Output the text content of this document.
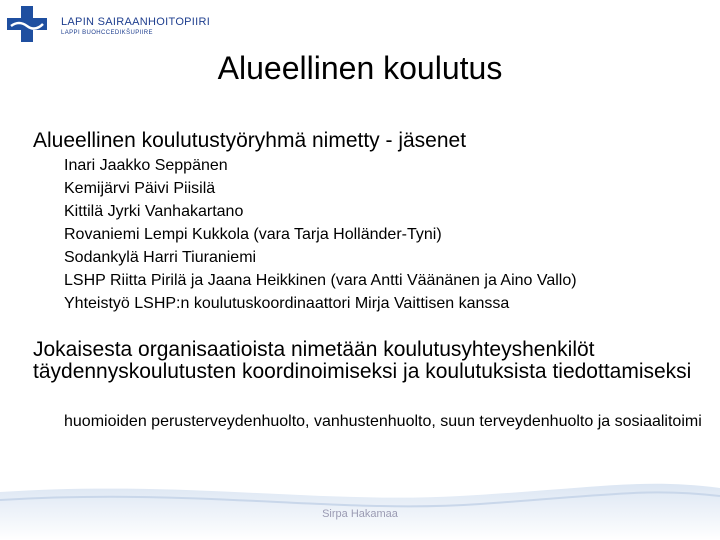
LAPIN SAIRAANHOITOPIIRI
LAPPI BUOHCCEDIKŠUPIIRE
Alueellinen koulutus
Alueellinen koulutustyöryhmä nimetty - jäsenet
Inari Jaakko Seppänen
Kemijärvi Päivi Piisilä
Kittilä Jyrki Vanhakartano
Rovaniemi Lempi Kukkola (vara Tarja Holländer-Tyni)
Sodankylä Harri Tiuraniemi
LSHP Riitta Pirilä ja Jaana Heikkinen (vara Antti Väänänen ja Aino Vallo)
Yhteistyö LSHP:n koulutuskoordinaattori Mirja Vaittisen kanssa
Jokaisesta organisaatioista nimetään koulutusyhteyshenkilöt täydennyskoulutusten koordinoimiseksi ja koulutuksista tiedottamiseksi
huomioiden perusterveydenhuolto, vanhustenhuolto, suun terveydenhuolto ja sosiaalitoimi
Sirpa Hakamaa
